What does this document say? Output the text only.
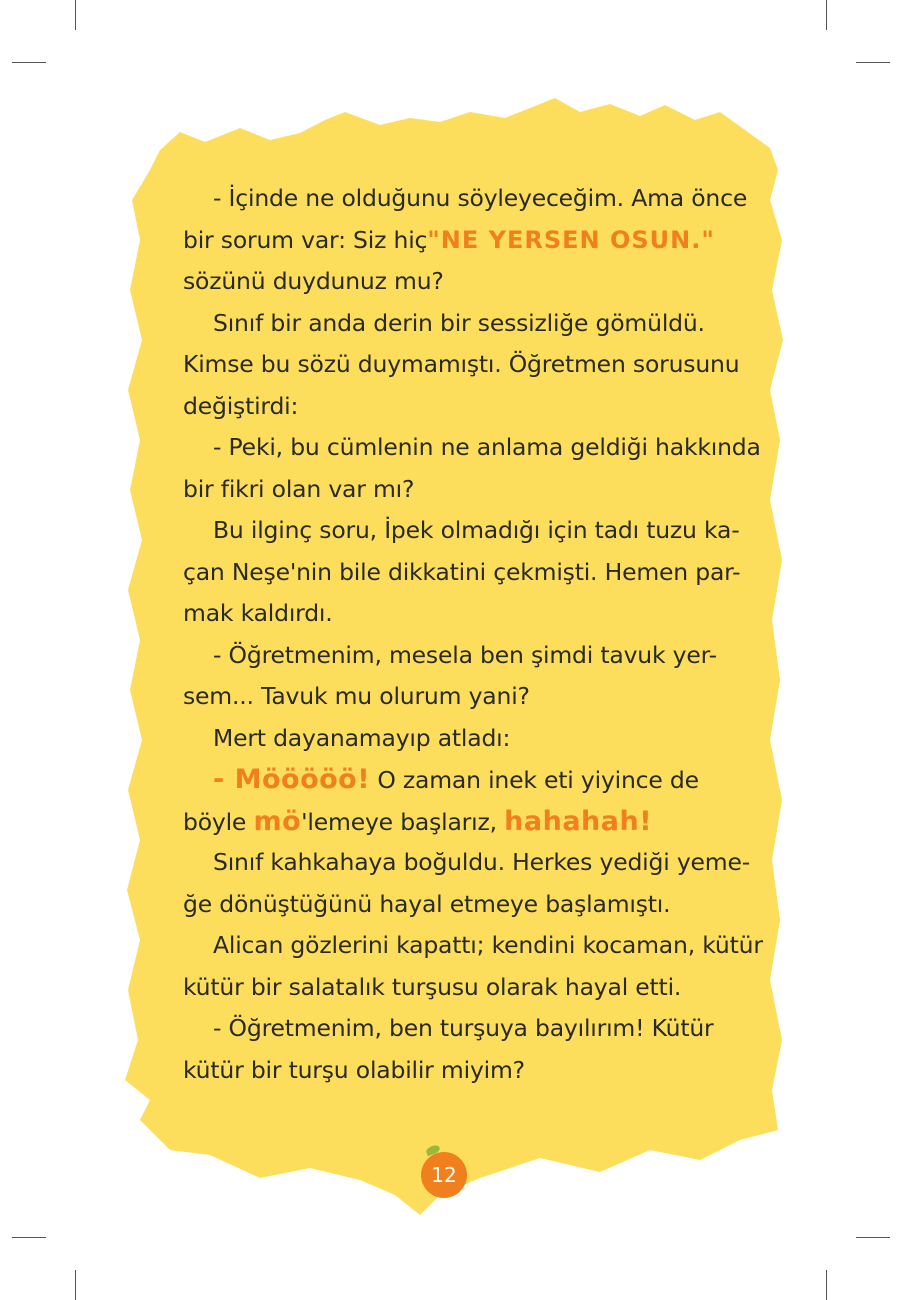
- İçinde ne olduğunu söyleyeceğim. Ama önce
bir sorum var: Siz hiç "NE YERSEN OSUN."
sözünü duydunuz mu?
Sınıf bir anda derin bir sessizliğe gömüldü.
Kimse bu sözü duymamıştı. Öğretmen sorusunu
değiştirdi:
- Peki, bu cümlenin ne anlama geldiği hakkında
bir fikri olan var mı?
Bu ilginç soru, İpek olmadığı için tadı tuzu ka-
çan Neşe'nin bile dikkatini çekmişti. Hemen par-
mak kaldırdı.
- Öğretmenim, mesela ben şimdi tavuk yer-
sem... Tavuk mu olurum yani?
Mert dayanamayıp atladı:
- Mööööö! O zaman inek eti yiyince de
böyle mö'lemeye başlarız, hahahah!
Sınıf kahkahaya boğuldu. Herkes yediği yeme-
ğe dönüştüğünü hayal etmeye başlamıştı.
Alican gözlerini kapattı; kendini kocaman, kütür
kütür bir salatalık turşusu olarak hayal etti.
- Öğretmenim, ben turşuya bayılırım! Kütür
kütür bir turşu olabilir miyim?
12
